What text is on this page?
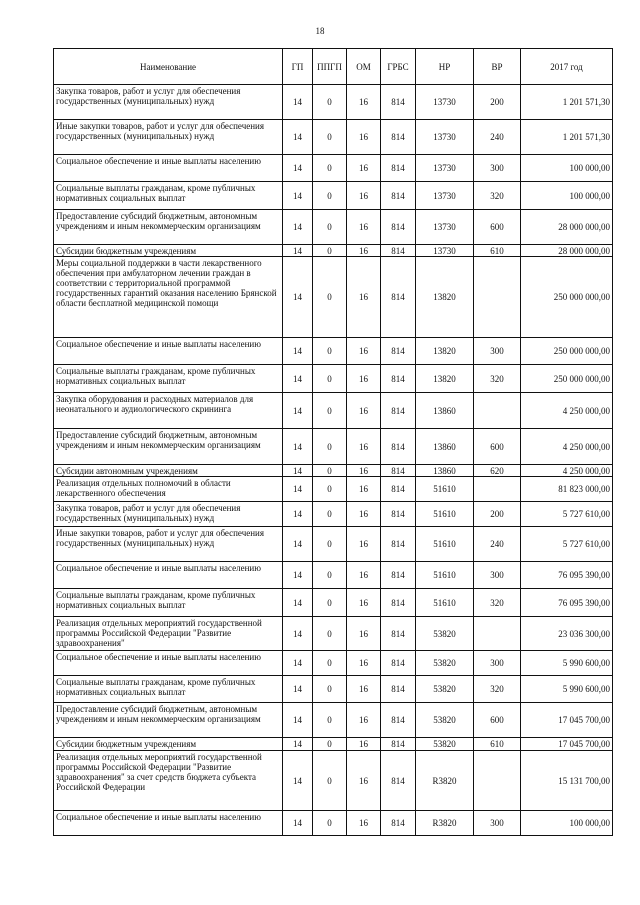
18
Наименование	ГП	ППГП	ОМ	ГРБС	НР	ВР	2017 год
Закупка товаров, работ и услуг для обеспечения государственных (муниципальных) нужд	14	0	16	814	13730	200	1 201 571,30
Иные закупки товаров, работ и услуг для обеспечения государственных (муниципальных) нужд	14	0	16	814	13730	240	1 201 571,30
Социальное обеспечение и иные выплаты населению	14	0	16	814	13730	300	100 000,00
Социальные выплаты гражданам, кроме публичных нормативных социальных выплат	14	0	16	814	13730	320	100 000,00
Предоставление субсидий бюджетным, автономным учреждениям и иным некоммерческим организациям	14	0	16	814	13730	600	28 000 000,00
Субсидии бюджетным учреждениям	14	0	16	814	13730	610	28 000 000,00
Меры социальной поддержки в части лекарственного обеспечения при амбулаторном лечении граждан в соответствии с территориальной программой государственных гарантий оказания населению Брянской области бесплатной медицинской помощи	14	0	16	814	13820		250 000 000,00
Социальное обеспечение и иные выплаты населению	14	0	16	814	13820	300	250 000 000,00
Социальные выплаты гражданам, кроме публичных нормативных социальных выплат	14	0	16	814	13820	320	250 000 000,00
Закупка оборудования и расходных материалов для неонатального и аудиологического скрининга	14	0	16	814	13860		4 250 000,00
Предоставление субсидий бюджетным, автономным учреждениям и иным некоммерческим организациям	14	0	16	814	13860	600	4 250 000,00
Субсидии автономным учреждениям	14	0	16	814	13860	620	4 250 000,00
Реализация отдельных полномочий в области лекарственного обеспечения	14	0	16	814	51610		81 823 000,00
Закупка товаров, работ и услуг для обеспечения государственных (муниципальных) нужд	14	0	16	814	51610	200	5 727 610,00
Иные закупки товаров, работ и услуг для обеспечения государственных (муниципальных) нужд	14	0	16	814	51610	240	5 727 610,00
Социальное обеспечение и иные выплаты населению	14	0	16	814	51610	300	76 095 390,00
Социальные выплаты гражданам, кроме публичных нормативных социальных выплат	14	0	16	814	51610	320	76 095 390,00
Реализация отдельных мероприятий государственной программы Российской Федерации "Развитие здравоохранения"	14	0	16	814	53820		23 036 300,00
Социальное обеспечение и иные выплаты населению	14	0	16	814	53820	300	5 990 600,00
Социальные выплаты гражданам, кроме публичных нормативных социальных выплат	14	0	16	814	53820	320	5 990 600,00
Предоставление субсидий бюджетным, автономным учреждениям и иным некоммерческим организациям	14	0	16	814	53820	600	17 045 700,00
Субсидии бюджетным учреждениям	14	0	16	814	53820	610	17 045 700,00
Реализация отдельных мероприятий государственной программы Российской Федерации "Развитие здравоохранения" за счет средств бюджета субъекта Российской Федерации	14	0	16	814	R3820		15 131 700,00
Социальное обеспечение и иные выплаты населению	14	0	16	814	R3820	300	100 000,00
